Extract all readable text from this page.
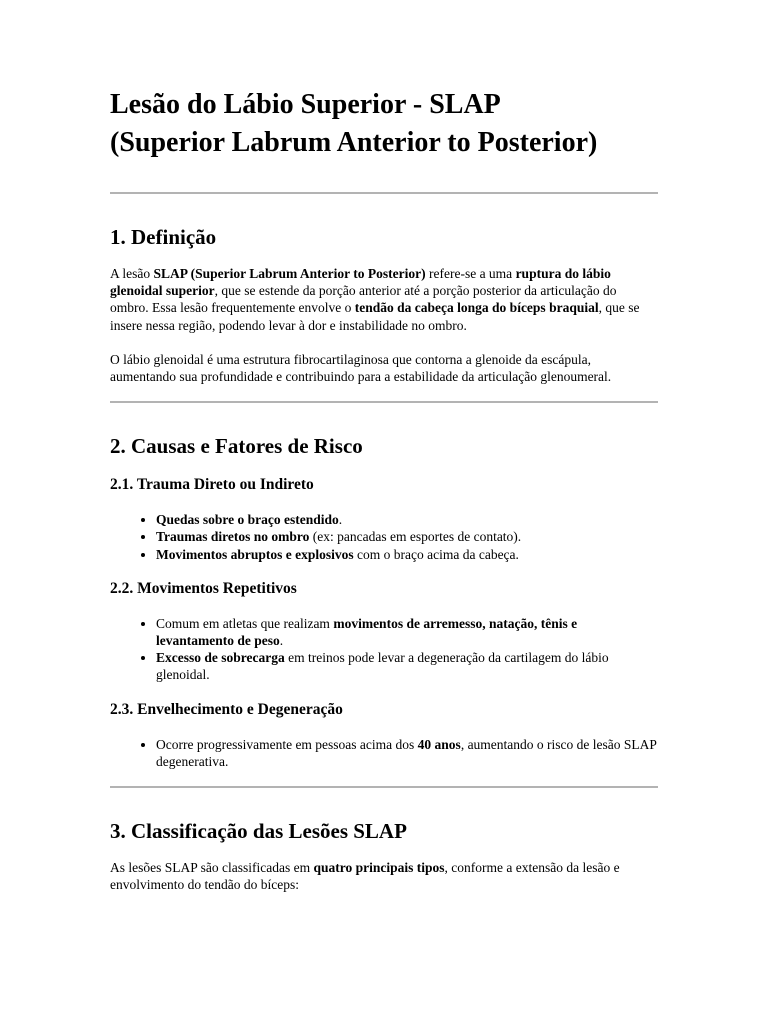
Lesão do Lábio Superior - SLAP
(Superior Labrum Anterior to Posterior)
1. Definição

A lesão SLAP (Superior Labrum Anterior to Posterior) refere-se a uma ruptura do lábio glenoidal superior, que se estende da porção anterior até a porção posterior da articulação do ombro. Essa lesão frequentemente envolve o tendão da cabeça longa do bíceps braquial, que se insere nessa região, podendo levar à dor e instabilidade no ombro.

O lábio glenoidal é uma estrutura fibrocartilaginosa que contorna a glenoide da escápula, aumentando sua profundidade e contribuindo para a estabilidade da articulação glenoumeral.

2. Causas e Fatores de Risco
2.1. Trauma Direto ou Indireto
• Quedas sobre o braço estendido.
• Traumas diretos no ombro (ex: pancadas em esportes de contato).
• Movimentos abruptos e explosivos com o braço acima da cabeça.
2.2. Movimentos Repetitivos
• Comum em atletas que realizam movimentos de arremesso, natação, tênis e levantamento de peso.
• Excesso de sobrecarga em treinos pode levar a degeneração da cartilagem do lábio glenoidal.
2.3. Envelhecimento e Degeneração
• Ocorre progressivamente em pessoas acima dos 40 anos, aumentando o risco de lesão SLAP degenerativa.
3. Classificação das Lesões SLAP

As lesões SLAP são classificadas em quatro principais tipos, conforme a extensão da lesão e envolvimento do tendão do bíceps:
